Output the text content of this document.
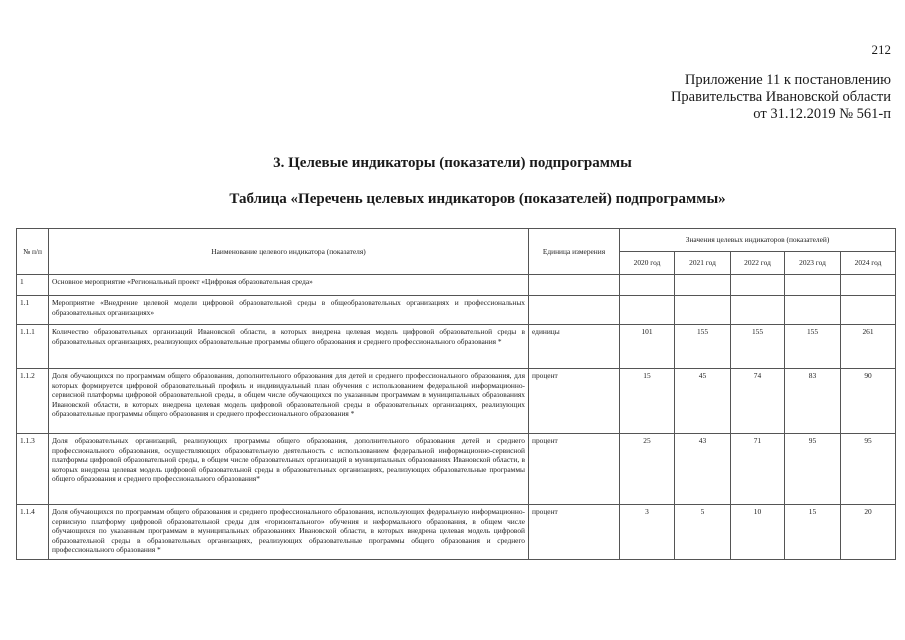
212
Приложение 11 к постановлению
Правительства Ивановской области
от 31.12.2019 № 561-п
3. Целевые индикаторы (показатели) подпрограммы
Таблица «Перечень целевых индикаторов (показателей) подпрограммы»
№ п/п	Наименование целевого индикатора (показателя)	Единица измерения	Значения целевых индикаторов (показателей)				
			2020 год	2021 год	2022 год	2023 год	2024 год
1	Основное мероприятие «Региональный проект «Цифровая образовательная среда»						
1.1	Мероприятие «Внедрение целевой модели цифровой образовательной среды в общеобразовательных организациях и профессиональных образовательных организациях»						
1.1.1	Количество образовательных организаций Ивановской области, в которых внедрена целевая модель цифровой образовательной среды в образовательных организациях, реализующих образовательные программы общего образования и среднего профессионального образования *	единицы	101	155	155	155	261
1.1.2	Доля обучающихся по программам общего образования, дополнительного образования для детей и среднего профессионального образования, для которых формируется цифровой образовательный профиль и индивидуальный план обучения с использованием федеральной информационно-сервисной платформы цифровой образовательной среды, в общем числе обучающихся по указанным программам в муниципальных образованиях Ивановской области, в которых внедрена целевая модель цифровой образовательной среды в образовательных организациях, реализующих образовательные программы общего образования и среднего профессионального образования *	процент	15	45	74	83	90
1.1.3	Доля образовательных организаций, реализующих программы общего образования, дополнительного образования детей и среднего профессионального образования, осуществляющих образовательную деятельность с использованием федеральной информационно-сервисной платформы цифровой образовательной среды, в общем числе образовательных организаций в муниципальных образованиях Ивановской области, в которых внедрена целевая модель цифровой образовательной среды в образовательных организациях, реализующих образовательные программы общего образования и среднего профессионального образования*	процент	25	43	71	95	95
1.1.4	Доля обучающихся по программам общего образования и среднего профессионального образования, использующих федеральную информационно-сервисную платформу цифровой образовательной среды для «горизонтального» обучения и неформального образования, в общем числе обучающихся по указанным программам в муниципальных образованиях Ивановской области, в которых внедрена целевая модель цифровой образовательной среды в образовательных организациях, реализующих образовательные программы общего образования и среднего профессионального образования *	процент	3	5	10	15	20
